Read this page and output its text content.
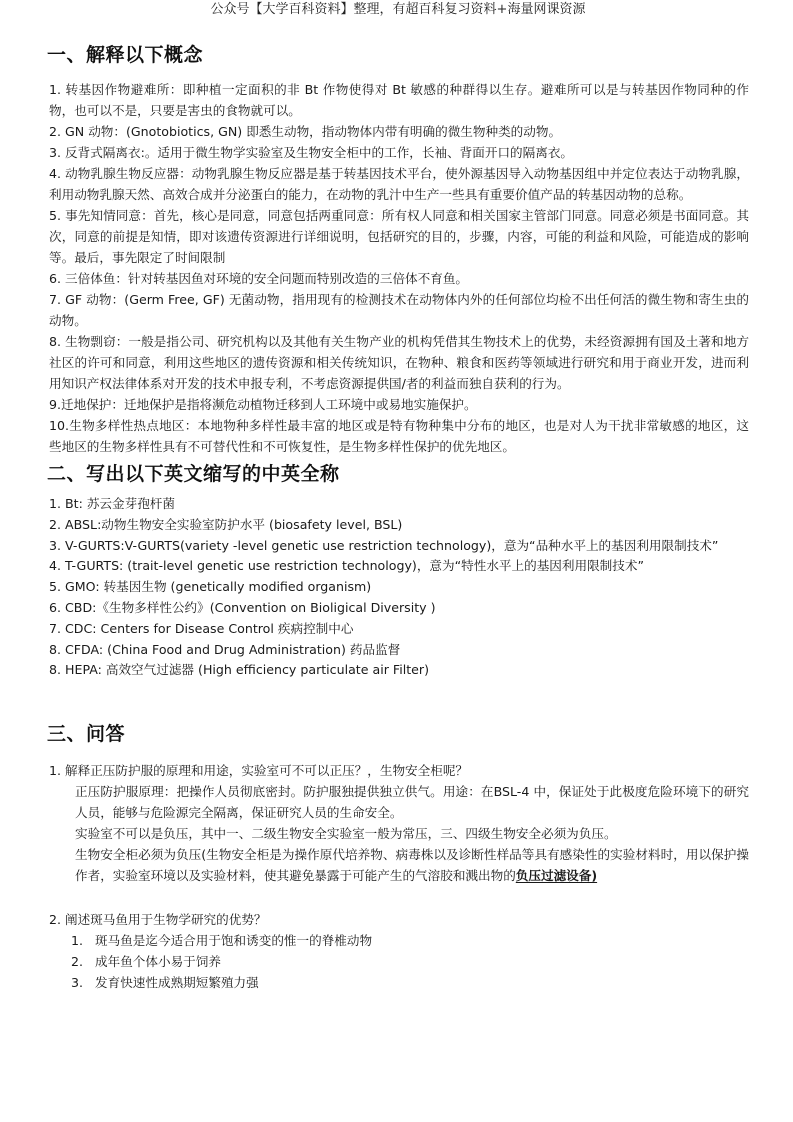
公众号【大学百科资料】整理，有超百科复习资料+海量网课资源
一、解释以下概念

1. 转基因作物避难所：即种植一定面积的非 Bt 作物使得对 Bt 敏感的种群得以生存。避难所可以是与转基因作物同种的作物，也可以不是，只要是害虫的食物就可以。

2. GN 动物：(Gnotobiotics, GN) 即悉生动物，指动物体内带有明确的微生物种类的动物。

3. 反背式隔离衣:。适用于微生物学实验室及生物安全柜中的工作，长袖、背面开口的隔离衣。

4. 动物乳腺生物反应器：动物乳腺生物反应器是基于转基因技术平台，使外源基因导入动物基因组中并定位表达于动物乳腺，利用动物乳腺天然、高效合成并分泌蛋白的能力，在动物的乳汁中生产一些具有重要价值产品的转基因动物的总称。

5. 事先知情同意：首先，核心是同意，同意包括两重同意：所有权人同意和相关国家主管部门同意。同意必须是书面同意。其次，同意的前提是知情，即对该遗传资源进行详细说明，包括研究的目的，步骤，内容，可能的利益和风险，可能造成的影响等。最后，事先限定了时间限制

6. 三倍体鱼：针对转基因鱼对环境的安全问题而特别改造的三倍体不育鱼。

7. GF 动物：(Germ Free, GF) 无菌动物，指用现有的检测技术在动物体内外的任何部位均检不出任何活的微生物和寄生虫的动物。

8. 生物剽窃：一般是指公司、研究机构以及其他有关生物产业的机构凭借其生物技术上的优势，未经资源拥有国及土著和地方社区的许可和同意，利用这些地区的遗传资源和相关传统知识，在物种、粮食和医药等领域进行研究和用于商业开发，进而利用知识产权法律体系对开发的技术申报专利，不考虑资源提供国/者的利益而独自获利的行为。

9.迁地保护：迁地保护是指将濒危动植物迁移到人工环境中或易地实施保护。

10.生物多样性热点地区：本地物种多样性最丰富的地区或是特有物种集中分布的地区，也是对人为干扰非常敏感的地区，这些地区的生物多样性具有不可替代性和不可恢复性，是生物多样性保护的优先地区。

二、写出以下英文缩写的中英全称

1. Bt: 苏云金芽孢杆菌

2. ABSL:动物生物安全实验室防护水平 (biosafety level, BSL)

3. V-GURTS:V-GURTS(variety -level genetic use restriction technology)，意为“品种水平上的基因利用限制技术”

4. T-GURTS: (trait-level genetic use restriction technology)，意为“特性水平上的基因利用限制技术”

5. GMO: 转基因生物 (genetically modified organism)

6. CBD:《生物多样性公约》(Convention on Bioligical Diversity )

7. CDC: Centers for Disease Control 疾病控制中心

8. CFDA: (China Food and Drug Administration) 药品监督

8. HEPA: 高效空气过滤器 (High efficiency particulate air Filter)

三、问答

1. 解释正压防护服的原理和用途，实验室可不可以正压？，生物安全柜呢？

正压防护服原理：把操作人员彻底密封。防护服独提供独立供气。用途：在BSL-4 中，保证处于此极度危险环境下的研究人员，能够与危险源完全隔离，保证研究人员的生命安全。

实验室不可以是负压，其中一、二级生物安全实验室一般为常压，三、四级生物安全必须为负压。

生物安全柜必须为负压(生物安全柜是为操作原代培养物、病毒株以及诊断性样品等具有感染性的实验材料时，用以保护操作者，实验室环境以及实验材料，使其避免暴露于可能产生的气溶胶和溅出物的负压过滤设备)

2. 阐述斑马鱼用于生物学研究的优势？

1. 斑马鱼是迄今适合用于饱和诱变的惟一的脊椎动物

2. 成年鱼个体小易于饲养

3. 发育快速性成熟期短繁殖力强
